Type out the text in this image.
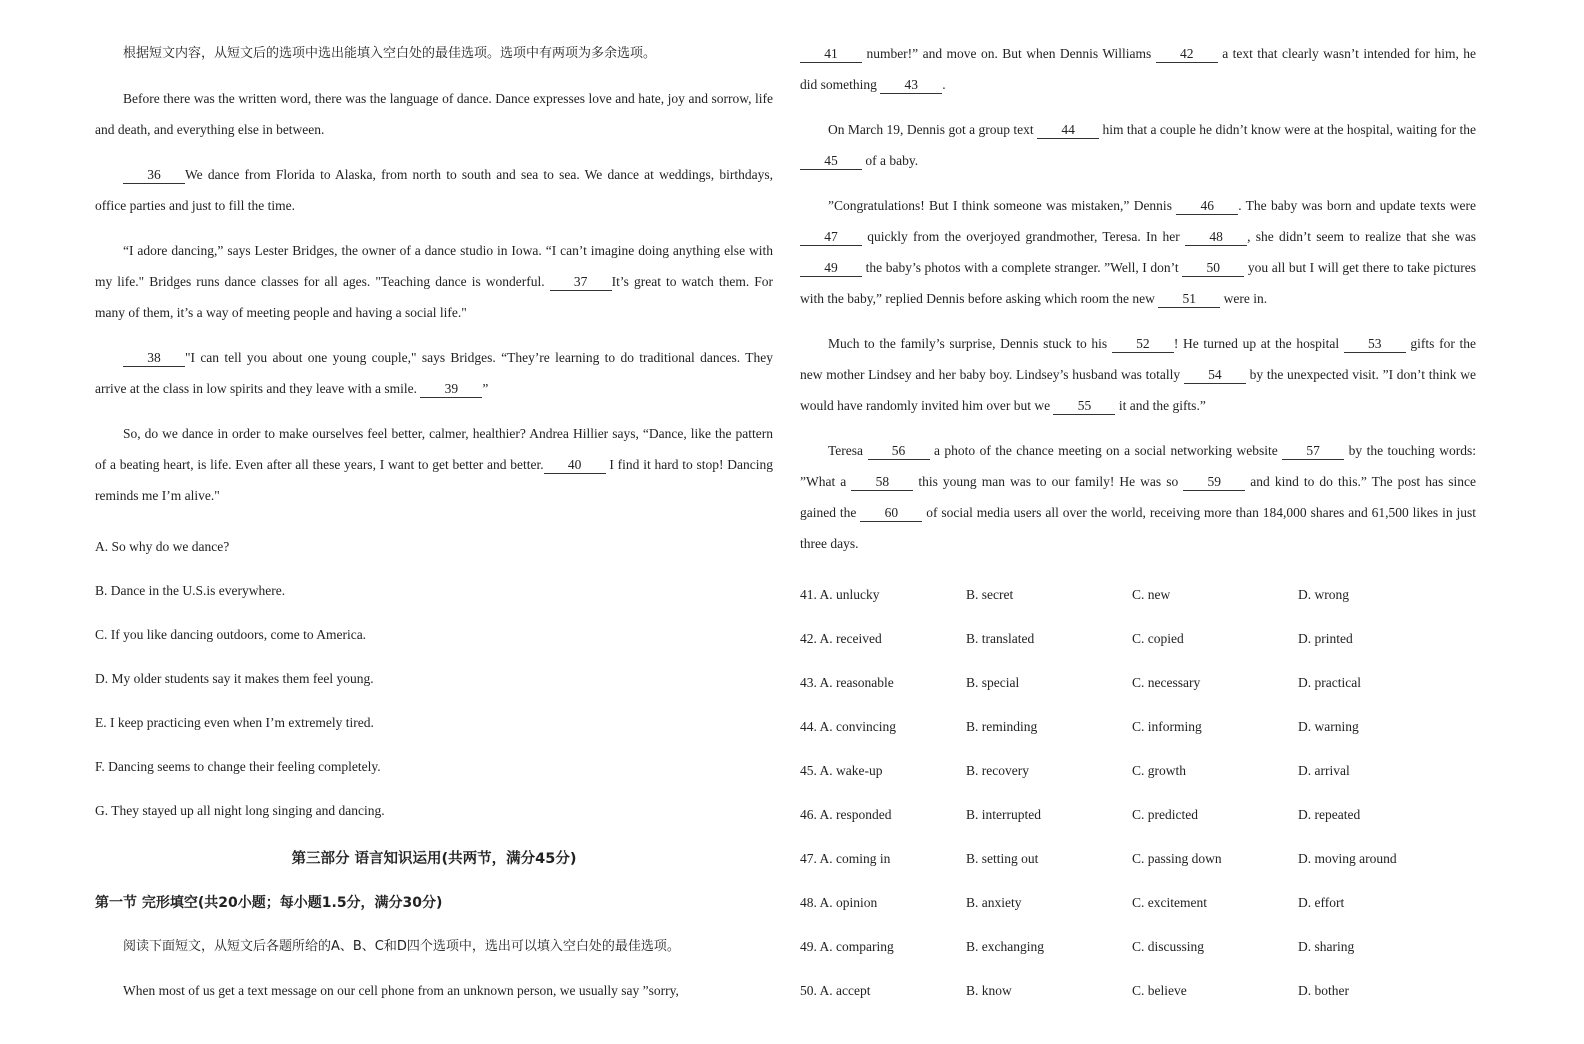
根据短文内容，从短文后的选项中选出能填入空白处的最佳选项。选项中有两项为多余选项。

Before there was the written word, there was the language of dance. Dance expresses love and hate, joy and sorrow, life and death, and everything else in between.

36 We dance from Florida to Alaska, from north to south and sea to sea. We dance at weddings, birthdays, office parties and just to fill the time.

“I adore dancing,” says Lester Bridges, the owner of a dance studio in Iowa. “I can’t imagine doing anything else with my life." Bridges runs dance classes for all ages. "Teaching dance is wonderful. 37 It’s great to watch them. For many of them, it’s a way of meeting people and having a social life."

38 "I can tell you about one young couple," says Bridges. “They’re learning to do traditional dances. They arrive at the class in low spirits and they leave with a smile. 39 ”

So, do we dance in order to make ourselves feel better, calmer, healthier? Andrea Hillier says, “Dance, like the pattern of a beating heart, is life. Even after all these years, I want to get better and better. 40 I find it hard to stop! Dancing reminds me I’m alive."

A. So why do we dance?

B. Dance in the U.S.is everywhere.

C. If you like dancing outdoors, come to America.

D. My older students say it makes them feel young.

E. I keep practicing even when I’m extremely tired.

F. Dancing seems to change their feeling completely.

G. They stayed up all night long singing and dancing.

第三部分 语言知识运用(共两节，满分45分)

第一节 完形填空(共20小题；每小题1.5分，满分30分)

阅读下面短文，从短文后各题所给的A、B、C和D四个选项中，选出可以填入空白处的最佳选项。

When most of us get a text message on our cell phone from an unknown person, we usually say ”sorry,

41 number!” and move on. But when Dennis Williams 42 a text that clearly wasn’t intended for him, he did something 43 .

On March 19, Dennis got a group text 44 him that a couple he didn’t know were at the hospital, waiting for the 45 of a baby.

”Congratulations! But I think someone was mistaken,” Dennis 46 . The baby was born and update texts were 47 quickly from the overjoyed grandmother, Teresa. In her 48 , she didn’t seem to realize that she was 49 the baby’s photos with a complete stranger. ”Well, I don’t 50 you all but I will get there to take pictures with the baby,” replied Dennis before asking which room the new 51 were in.

Much to the family’s surprise, Dennis stuck to his 52 ! He turned up at the hospital 53 gifts for the new mother Lindsey and her baby boy. Lindsey’s husband was totally 54 by the unexpected visit. ”I don’t think we would have randomly invited him over but we 55 it and the gifts.”

Teresa 56 a photo of the chance meeting on a social networking website 57 by the touching words: ”What a 58 this young man was to our family! He was so 59 and kind to do this.” The post has since gained the 60 of social media users all over the world, receiving more than 184,000 shares and 61,500 likes in just three days.

41. A. unlucky	B. secret	C. new	D. wrong
42. A. received	B. translated	C. copied	D. printed
43. A. reasonable	B. special	C. necessary	D. practical
44. A. convincing	B. reminding	C. informing	D. warning
45. A. wake-up	B. recovery	C. growth	D. arrival
46. A. responded	B. interrupted	C. predicted	D. repeated
47. A. coming in	B. setting out	C. passing down	D. moving around
48. A. opinion	B. anxiety	C. excitement	D. effort
49. A. comparing	B. exchanging	C. discussing	D. sharing
50. A. accept	B. know	C. believe	D. bother
